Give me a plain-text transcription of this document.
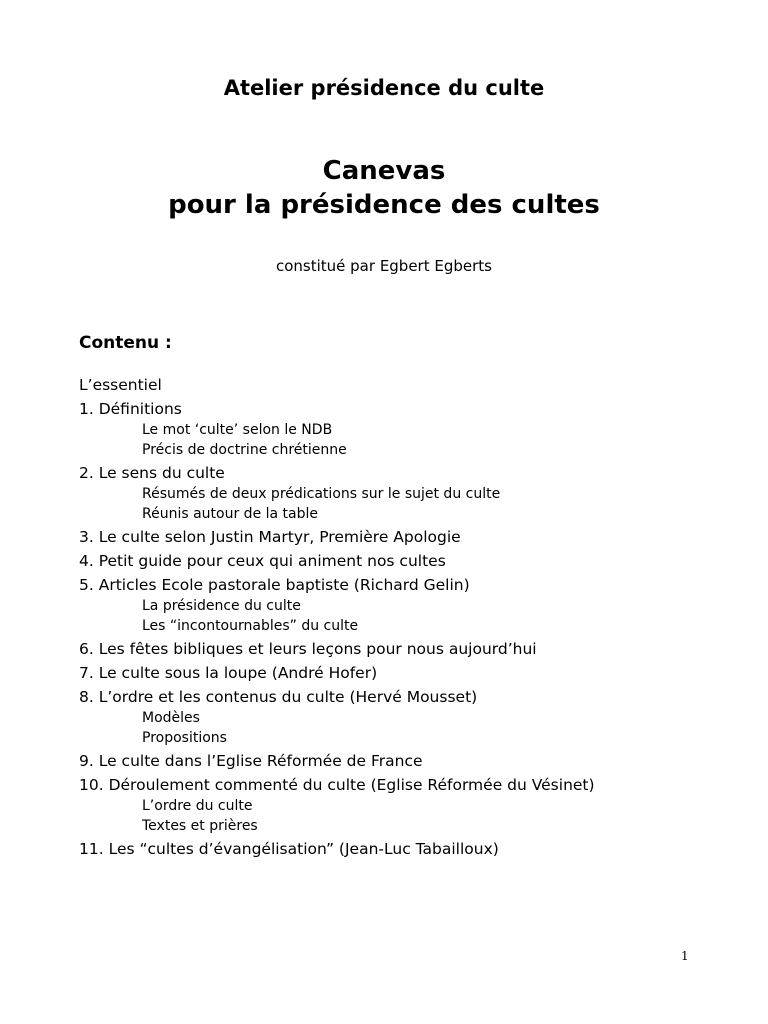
Atelier présidence du culte
Canevas
pour la présidence des cultes
constitué par Egbert Egberts
Contenu :
L’essentiel
1. Définitions
Le mot ‘culte’ selon le NDB
Précis de doctrine chrétienne
2. Le sens du culte
Résumés de deux prédications sur le sujet du culte
Réunis autour de la table
3. Le culte selon Justin Martyr, Première Apologie
4. Petit guide pour ceux qui animent nos cultes
5. Articles Ecole pastorale baptiste (Richard Gelin)
La présidence du culte
Les “incontournables” du culte
6. Les fêtes bibliques et leurs leçons pour nous aujourd’hui
7. Le culte sous la loupe (André Hofer)
8. L’ordre et les contenus du culte (Hervé Mousset)
Modèles
Propositions
9. Le culte dans l’Eglise Réformée de France
10. Déroulement commenté du culte (Eglise Réformée du Vésinet)
L’ordre du culte
Textes et prières
11. Les “cultes d’évangélisation” (Jean-Luc Tabailloux)
1
